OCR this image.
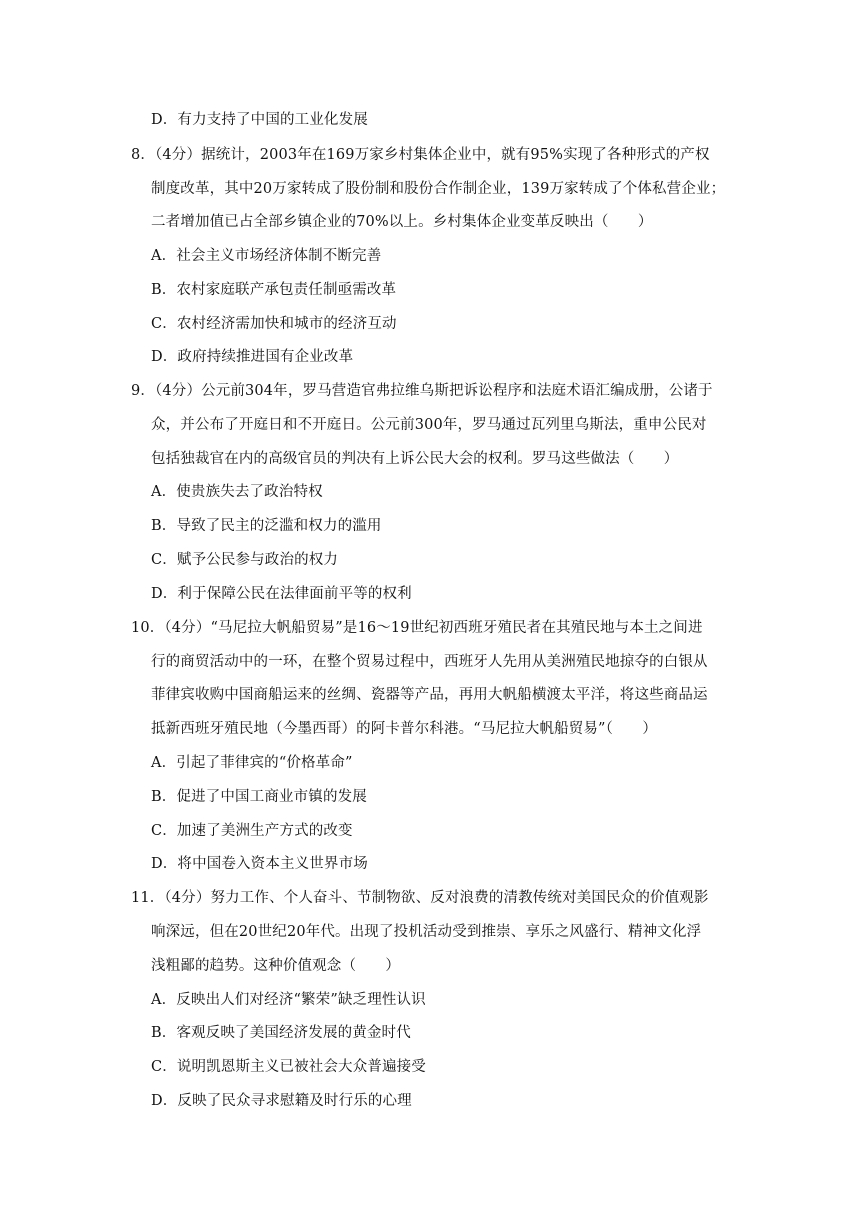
D．有力支持了中国的工业化发展
8．（4分）据统计，2003年在169万家乡村集体企业中，就有95%实现了各种形式的产权
制度改革，其中20万家转成了股份制和股份合作制企业，139万家转成了个体私营企业；
二者增加值已占全部乡镇企业的70%以上。乡村集体企业变革反映出（　　）
A．社会主义市场经济体制不断完善
B．农村家庭联产承包责任制亟需改革
C．农村经济需加快和城市的经济互动
D．政府持续推进国有企业改革
9．（4分）公元前304年，罗马营造官弗拉维乌斯把诉讼程序和法庭术语汇编成册，公诸于
众，并公布了开庭日和不开庭日。公元前300年，罗马通过瓦列里乌斯法，重申公民对
包括独裁官在内的高级官员的判决有上诉公民大会的权利。罗马这些做法（　　）
A．使贵族失去了政治特权
B．导致了民主的泛滥和权力的滥用
C．赋予公民参与政治的权力
D．利于保障公民在法律面前平等的权利
10．（4分）“马尼拉大帆船贸易”是16～19世纪初西班牙殖民者在其殖民地与本土之间进
行的商贸活动中的一环，在整个贸易过程中，西班牙人先用从美洲殖民地掠夺的白银从
菲律宾收购中国商船运来的丝绸、瓷器等产品，再用大帆船横渡太平洋，将这些商品运
抵新西班牙殖民地（今墨西哥）的阿卡普尔科港。“马尼拉大帆船贸易”（　　）
A．引起了菲律宾的“价格革命”
B．促进了中国工商业市镇的发展
C．加速了美洲生产方式的改变
D．将中国卷入资本主义世界市场
11．（4分）努力工作、个人奋斗、节制物欲、反对浪费的清教传统对美国民众的价值观影
响深远，但在20世纪20年代。出现了投机活动受到推崇、享乐之风盛行、精神文化浮
浅粗鄙的趋势。这种价值观念（　　）
A．反映出人们对经济“繁荣”缺乏理性认识
B．客观反映了美国经济发展的黄金时代
C．说明凯恩斯主义已被社会大众普遍接受
D．反映了民众寻求慰籍及时行乐的心理
